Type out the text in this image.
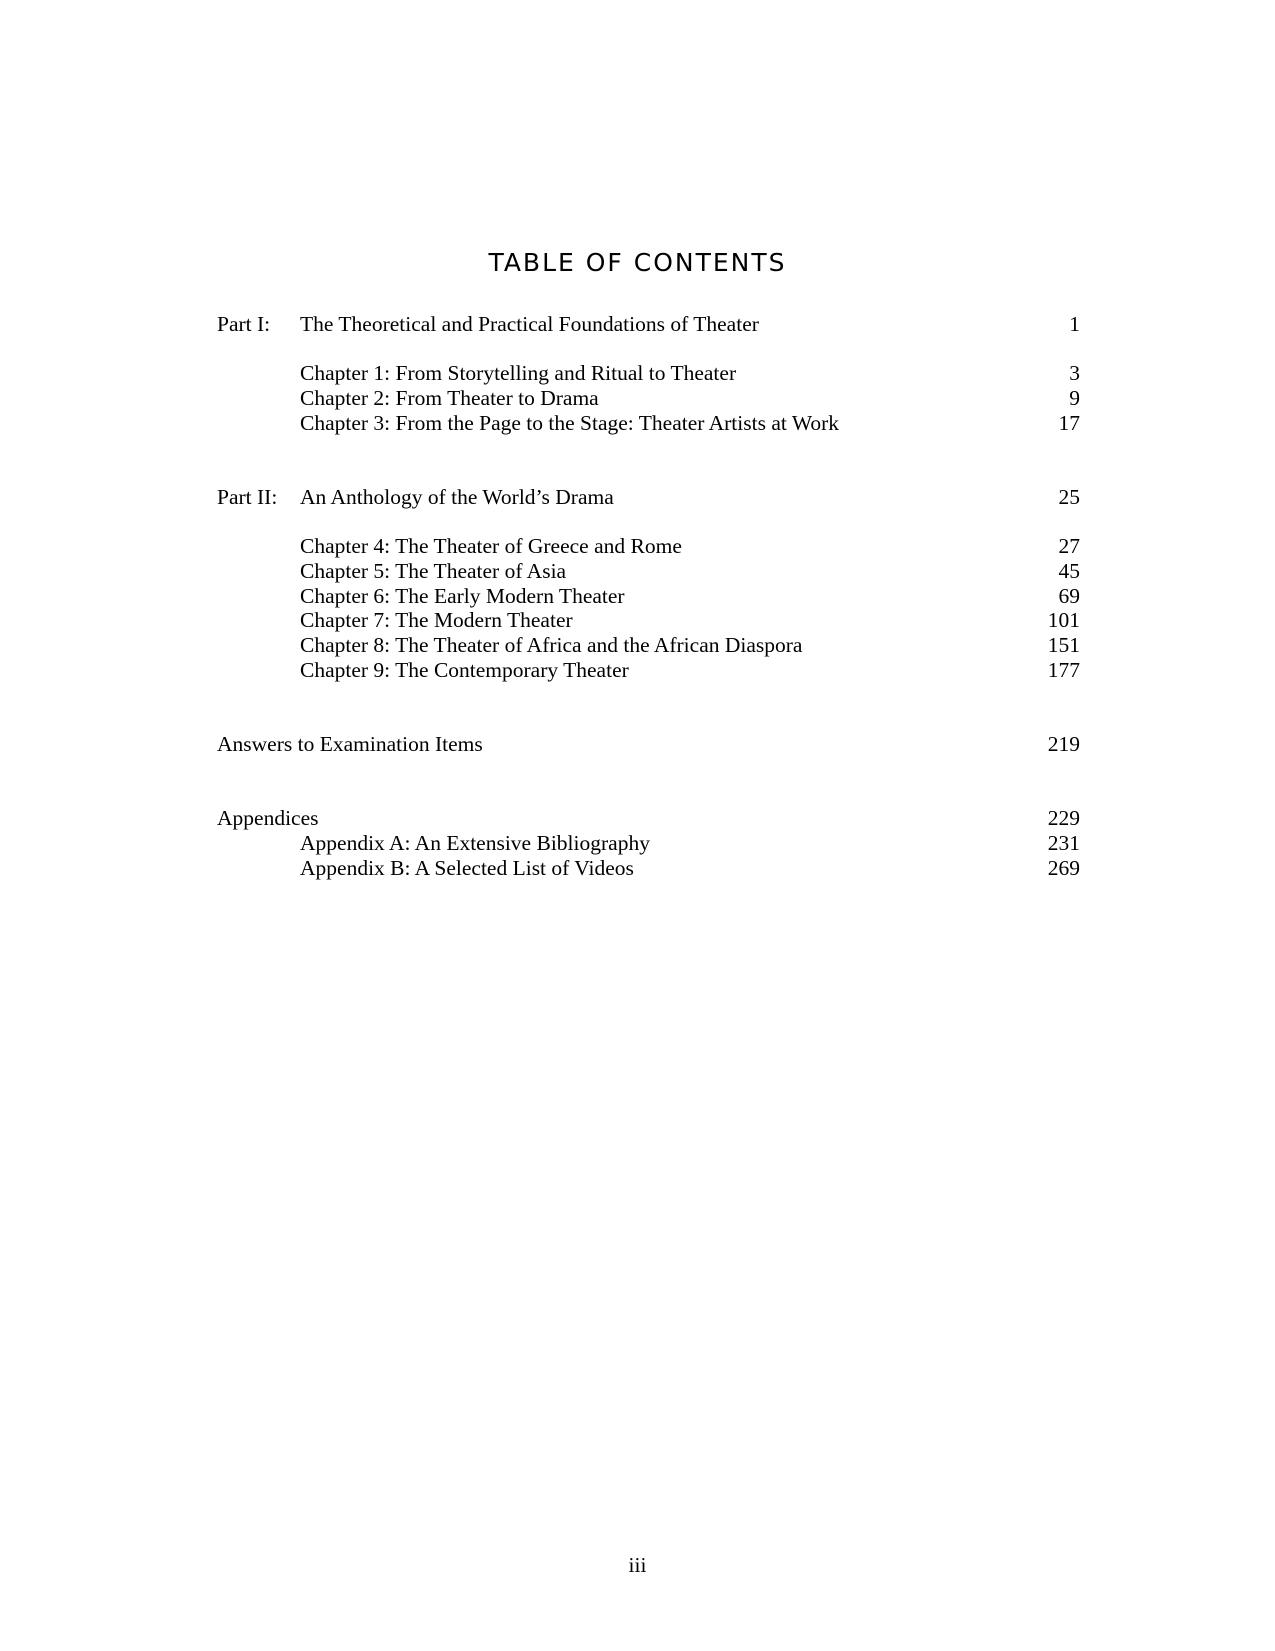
TABLE OF CONTENTS
Part I: The Theoretical and Practical Foundations of Theater	1
Chapter 1: From Storytelling and Ritual to Theater	3
Chapter 2: From Theater to Drama	9
Chapter 3: From the Page to the Stage: Theater Artists at Work	17
Part II: An Anthology of the World’s Drama	25
Chapter 4: The Theater of Greece and Rome	27
Chapter 5: The Theater of Asia	45
Chapter 6: The Early Modern Theater	69
Chapter 7: The Modern Theater	101
Chapter 8: The Theater of Africa and the African Diaspora	151
Chapter 9: The Contemporary Theater	177
Answers to Examination Items	219
Appendices	229
Appendix A: An Extensive Bibliography	231
Appendix B: A Selected List of Videos	269
iii
